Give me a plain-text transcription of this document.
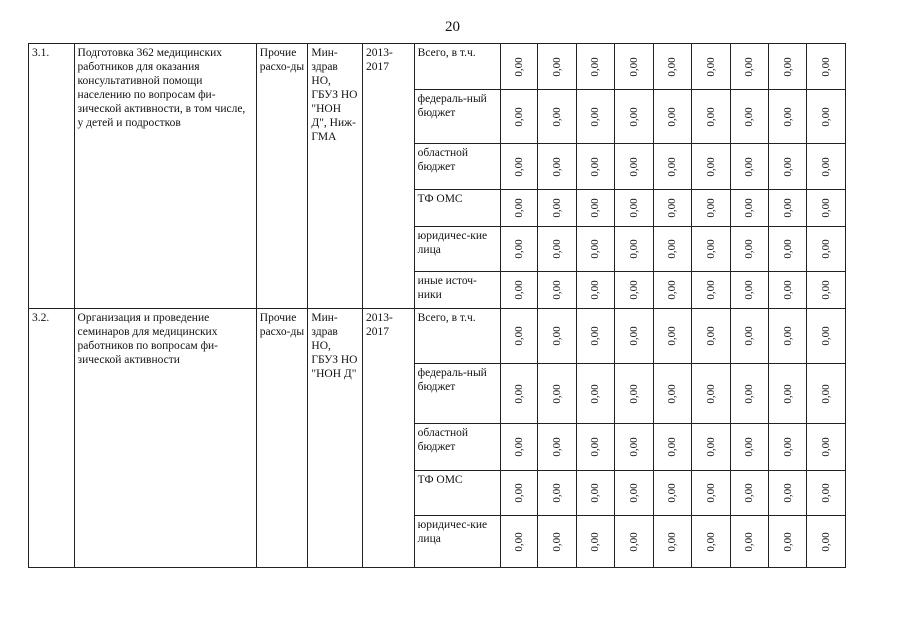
20
3.1.	Подготовка 362 медицинских работников для оказания консультативной помощи населению по вопросам фи-зической активности, в том числе, у детей и подростков	Прочие расхо-ды	Мин-здрав НО, ГБУЗ НО "НОН Д", Ниж-ГМА	2013-2017	Всего, в т.ч.	0,00	0,00	0,00	0,00	0,00	0,00	0,00	0,00	0,00

					федераль-ный бюджет	0,00	0,00	0,00	0,00	0,00	0,00	0,00	0,00	0,00

					областной бюджет	0,00	0,00	0,00	0,00	0,00	0,00	0,00	0,00	0,00

					ТФ ОМС	0,00	0,00	0,00	0,00	0,00	0,00	0,00	0,00	0,00

					юридичес-кие лица	0,00	0,00	0,00	0,00	0,00	0,00	0,00	0,00	0,00

					иные источ-ники	0,00	0,00	0,00	0,00	0,00	0,00	0,00	0,00	0,00

3.2.	Организация и проведение семинаров для медицинских работников по вопросам фи-зической активности	Прочие расхо-ды	Мин-здрав НО, ГБУЗ НО "НОН Д"	2013-2017	Всего, в т.ч.	0,00	0,00	0,00	0,00	0,00	0,00	0,00	0,00	0,00

					федераль-ный бюджет	0,00	0,00	0,00	0,00	0,00	0,00	0,00	0,00	0,00

					областной бюджет	0,00	0,00	0,00	0,00	0,00	0,00	0,00	0,00	0,00

					ТФ ОМС	0,00	0,00	0,00	0,00	0,00	0,00	0,00	0,00	0,00

					юридичес-кие лица	0,00	0,00	0,00	0,00	0,00	0,00	0,00	0,00	0,00
